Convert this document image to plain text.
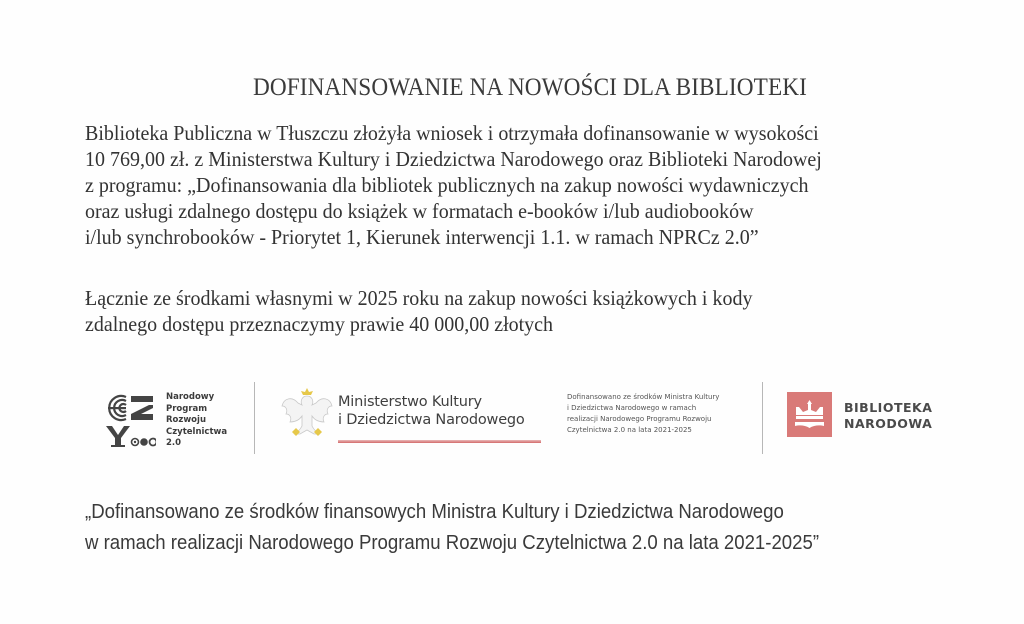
DOFINANSOWANIE NA NOWOŚCI DLA BIBLIOTEKI
Biblioteka Publiczna w Tłuszczu złożyła wniosek i otrzymała dofinansowanie w wysokości
10 769,00 zł. z Ministerstwa Kultury i Dziedzictwa Narodowego oraz Biblioteki Narodowej
z programu: „Dofinansowania dla bibliotek publicznych na zakup nowości wydawniczych
oraz usługi zdalnego dostępu do książek w formatach e-booków i/lub audiobooków
i/lub synchrobooków - Priorytet 1, Kierunek interwencji 1.1. w ramach NPRCz 2.0”
Łącznie ze środkami własnymi w 2025 roku na zakup nowości książkowych i kody
zdalnego dostępu przeznaczymy prawie 40 000,00 złotych
Narodowy
Program
Rozwoju
Czytelnictwa
2.0
Ministerstwo Kultury
i Dziedzictwa Narodowego
Dofinansowano ze środków Ministra Kultury
i Dziedzictwa Narodowego w ramach
realizacji Narodowego Programu Rozwoju
Czytelnictwa 2.0 na lata 2021-2025
BIBLIOTEKA
NARODOWA
„Dofinansowano ze środków finansowych Ministra Kultury i Dziedzictwa Narodowego
w ramach realizacji Narodowego Programu Rozwoju Czytelnictwa 2.0 na lata 2021-2025”
